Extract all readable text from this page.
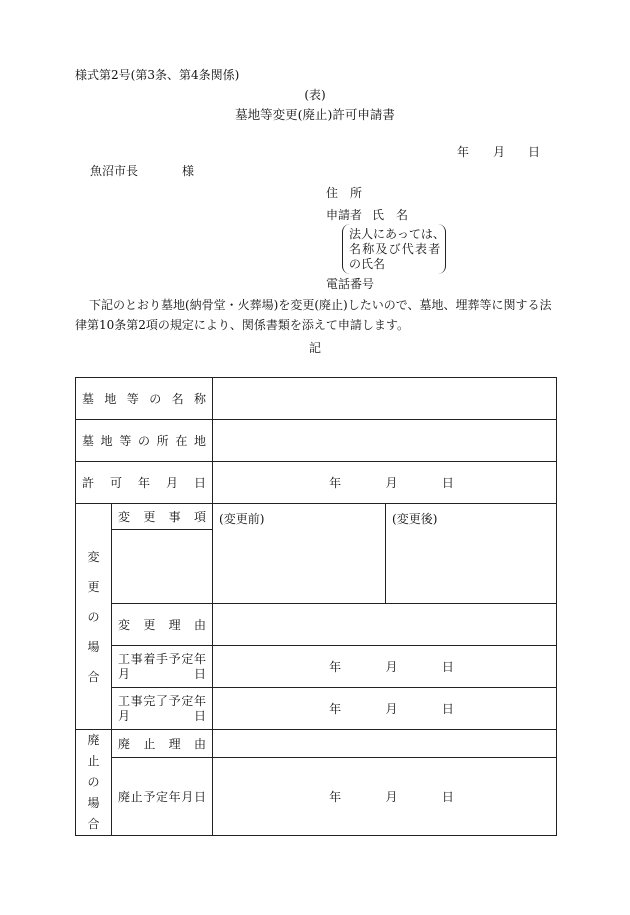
様式第2号(第3条、第4条関係)
(表)
墓地等変更(廃止)許可申請書
年 月 日
魚沼市長	様
住　所
申請者 氏　名
法人にあっては、
名称及び代表者
の氏名
電話番号
下記のとおり墓地(納骨堂・火葬場)を変更(廃止)したいので、墓地、埋葬等に関する法
律第10条第2項の規定により、関係書類を添えて申請します。
記
墓地等の名称			
墓地等の所在地			
許可年月日		年 月 日	

変
更
の
場
合	変更事項	(変更前)	(変更後)

	変更理由		

	工事着手予定年
月 日	年 月 日	

	工事完了予定年
月 日	年 月 日	

廃
止
の
場
合	廃止理由		
	廃止予定年月日	年 月 日	
